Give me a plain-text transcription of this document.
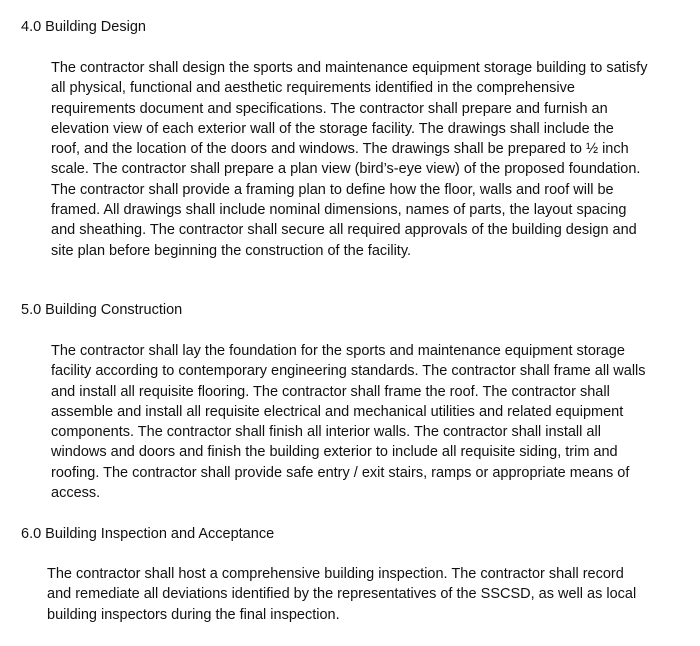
4.0 Building Design
The contractor shall design the sports and maintenance equipment storage building to satisfy
all physical, functional and aesthetic requirements identified in the comprehensive
requirements document and specifications. The contractor shall prepare and furnish an
elevation view of each exterior wall of the storage facility. The drawings shall include the
roof, and the location of the doors and windows. The drawings shall be prepared to ½ inch
scale. The contractor shall prepare a plan view (bird’s-eye view) of the proposed foundation.
The contractor shall provide a framing plan to define how the floor, walls and roof will be
framed. All drawings shall include nominal dimensions, names of parts, the layout spacing
and sheathing. The contractor shall secure all required approvals of the building design and
site plan before beginning the construction of the facility.
5.0 Building Construction
The contractor shall lay the foundation for the sports and maintenance equipment storage
facility according to contemporary engineering standards. The contractor shall frame all walls
and install all requisite flooring. The contractor shall frame the roof. The contractor shall
assemble and install all requisite electrical and mechanical utilities and related equipment
components. The contractor shall finish all interior walls. The contractor shall install all
windows and doors and finish the building exterior to include all requisite siding, trim and
roofing. The contractor shall provide safe entry / exit stairs, ramps or appropriate means of
access.
6.0 Building Inspection and Acceptance
The contractor shall host a comprehensive building inspection. The contractor shall record
and remediate all deviations identified by the representatives of the SSCSD, as well as local
building inspectors during the final inspection.
